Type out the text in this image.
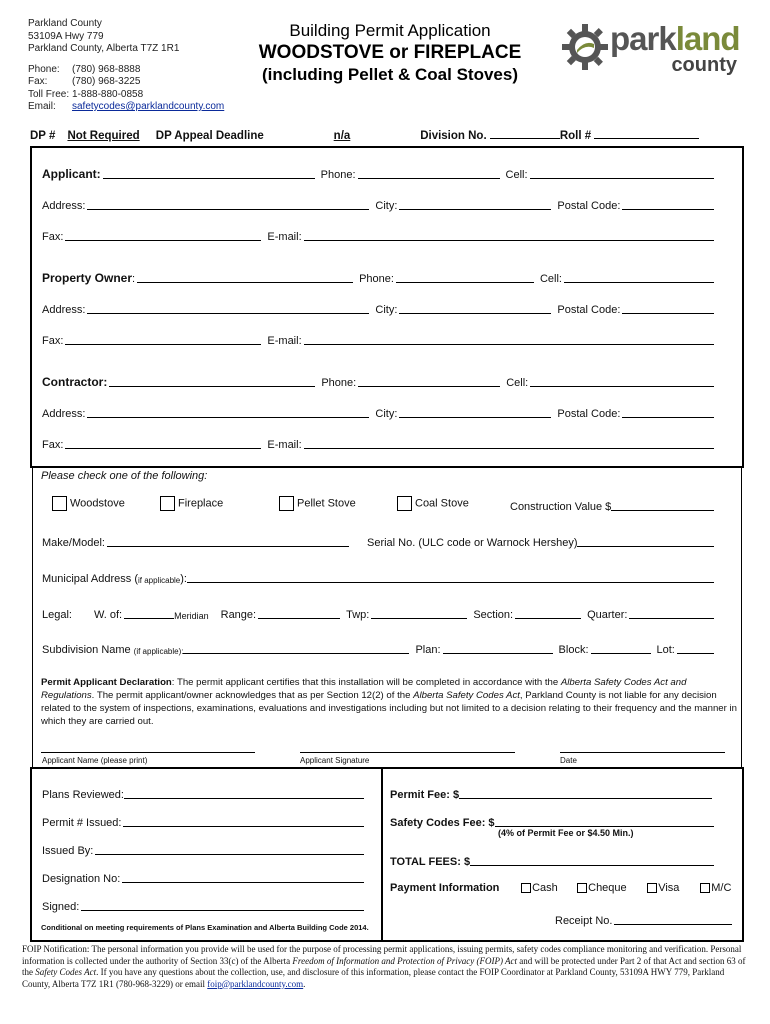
Parkland County
53109A Hwy 779
Parkland County, Alberta T7Z 1R1
Phone: (780) 968-8888
Fax: (780) 968-3225
Toll Free: 1-888-880-0858
Email: safetycodes@parklandcounty.com
Building Permit Application
WOODSTOVE or FIREPLACE
(including Pellet & Coal Stoves)
parkland
county
DP # Not Required DP Appeal Deadline	n/a	Division No.	Roll #
Applicant:	Phone:	Cell:
Address:	City:	Postal Code:
Fax:	E-mail:
Property Owner :	Phone:	Cell:
Address:	City:	Postal Code:
Fax:	E-mail:
Contractor:	Phone:	Cell:
Address:	City:	Postal Code:
Fax:	E-mail:
Please check one of the following:
Woodstove	Fireplace	Pellet Stove	Coal Stove	Construction Value $
Make/Model:	Serial No. (ULC code or Warnock Hershey)
Municipal Address ( if applicable ):
Legal: W. of:	Meridian Range:	Twp:	Section:	Quarter:
Subdivision Name (if applicable):	Plan:	Block:	Lot:
Permit Applicant Declaration: The permit applicant certifies that this installation will be completed in accordance with the Alberta Safety Codes Act and Regulations. The permit applicant/owner acknowledges that as per Section 12(2) of the Alberta Safety Codes Act, Parkland County is not liable for any decision related to the system of inspections, examinations, evaluations and investigations including but not limited to a decision relating to their frequency and the manner in which they are carried out.
Applicant Name (please print)	Applicant Signature	Date
Plans Reviewed:
Permit # Issued:
Issued By:
Designation No:
Signed:
Conditional on meeting requirements of Plans Examination and Alberta Building Code 2014.
Permit Fee: $
Safety Codes Fee: $
(4% of Permit Fee or $4.50 Min.)
TOTAL FEES: $
Payment Information	Cash	Cheque	Visa	M/C
Receipt No.
FOIP Notification: The personal information you provide will be used for the purpose of processing permit applications, issuing permits, safety codes compliance monitoring and verification. Personal information is collected under the authority of Section 33(c) of the Alberta Freedom of Information and Protection of Privacy (FOIP) Act and will be protected under Part 2 of that Act and section 63 of the Safety Codes Act. If you have any questions about the collection, use, and disclosure of this information, please contact the FOIP Coordinator at Parkland County, 53109A HWY 779, Parkland County, Alberta T7Z 1R1 (780-968-3229) or email foip@parklandcounty.com.
